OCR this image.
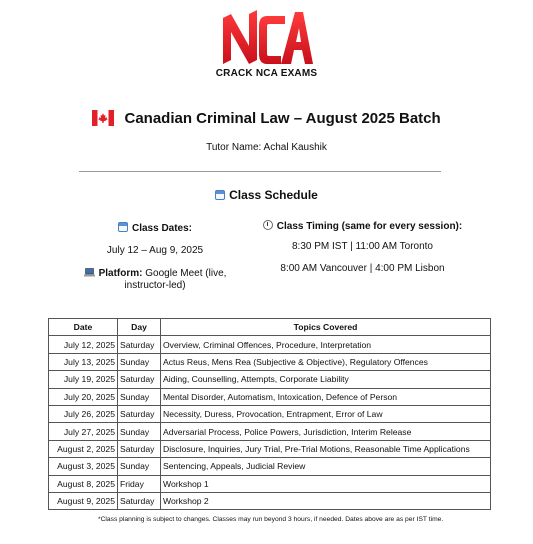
CRACK NCA EXAMS
Canadian Criminal Law – August 2025 Batch
Tutor Name: Achal Kaushik
Class Schedule
Class Dates:
July 12 – Aug 9, 2025
Platform: Google Meet (live,
instructor-led)
Class Timing (same for every session):
8:30 PM IST | 11:00 AM Toronto
8:00 AM Vancouver | 4:00 PM Lisbon
Date	Day	Topics Covered
July 12, 2025	Saturday	Overview, Criminal Offences, Procedure, Interpretation
July 13, 2025	Sunday	Actus Reus, Mens Rea (Subjective & Objective), Regulatory Offences
July 19, 2025	Saturday	Aiding, Counselling, Attempts, Corporate Liability
July 20, 2025	Sunday	Mental Disorder, Automatism, Intoxication, Defence of Person
July 26, 2025	Saturday	Necessity, Duress, Provocation, Entrapment, Error of Law
July 27, 2025	Sunday	Adversarial Process, Police Powers, Jurisdiction, Interim Release
August 2, 2025	Saturday	Disclosure, Inquiries, Jury Trial, Pre-Trial Motions, Reasonable Time Applications
August 3, 2025	Sunday	Sentencing, Appeals, Judicial Review
August 8, 2025	Friday	Workshop 1
August 9, 2025	Saturday	Workshop 2
*Class planning is subject to changes. Classes may run beyond 3 hours, if needed. Dates above are as per IST time.
